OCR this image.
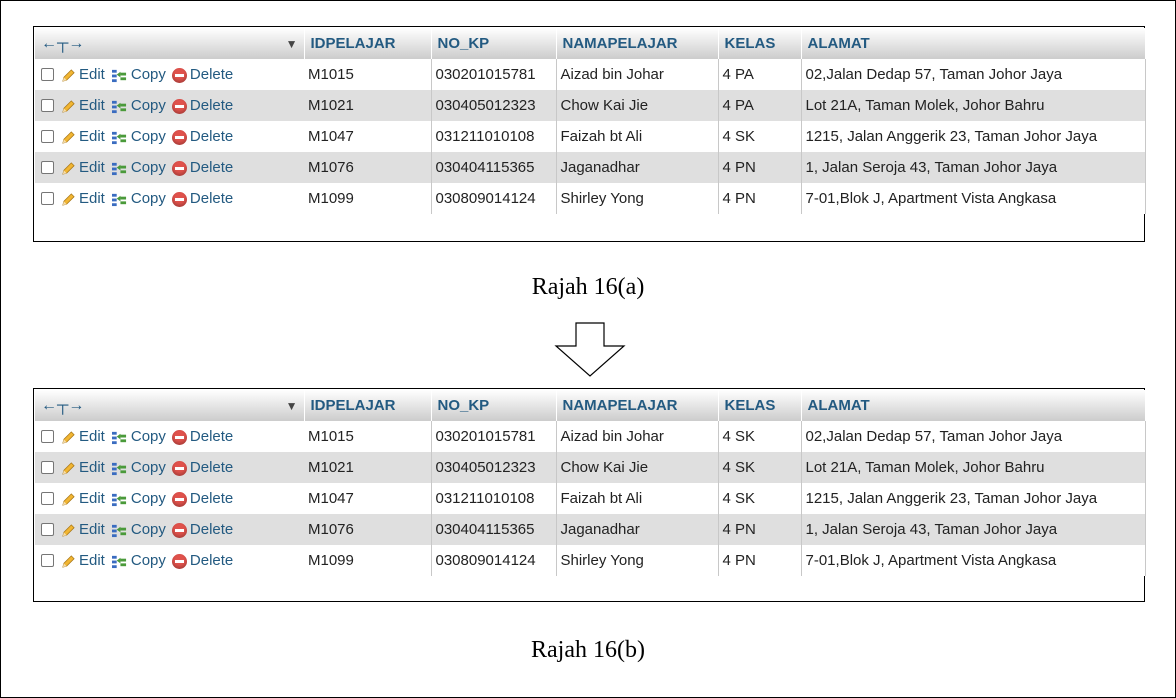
←┬→ ▼	IDPELAJAR	NO_KP	NAMAPELAJAR	KELAS	ALAMAT
Edit Copy Delete	M1015	030201015781	Aizad bin Johar	4 PA	02,Jalan Dedap 57, Taman Johor Jaya
Edit Copy Delete	M1021	030405012323	Chow Kai Jie	4 PA	Lot 21A, Taman Molek, Johor Bahru
Edit Copy Delete	M1047	031211010108	Faizah bt Ali	4 SK	1215, Jalan Anggerik 23, Taman Johor Jaya
Edit Copy Delete	M1076	030404115365	Jaganadhar	4 PN	1, Jalan Seroja 43, Taman Johor Jaya
Edit Copy Delete	M1099	030809014124	Shirley Yong	4 PN	7-01,Blok J, Apartment Vista Angkasa
Rajah 16(a)
←┬→ ▼	IDPELAJAR	NO_KP	NAMAPELAJAR	KELAS	ALAMAT
Edit Copy Delete	M1015	030201015781	Aizad bin Johar	4 SK	02,Jalan Dedap 57, Taman Johor Jaya
Edit Copy Delete	M1021	030405012323	Chow Kai Jie	4 SK	Lot 21A, Taman Molek, Johor Bahru
Edit Copy Delete	M1047	031211010108	Faizah bt Ali	4 SK	1215, Jalan Anggerik 23, Taman Johor Jaya
Edit Copy Delete	M1076	030404115365	Jaganadhar	4 PN	1, Jalan Seroja 43, Taman Johor Jaya
Edit Copy Delete	M1099	030809014124	Shirley Yong	4 PN	7-01,Blok J, Apartment Vista Angkasa
Rajah 16(b)
